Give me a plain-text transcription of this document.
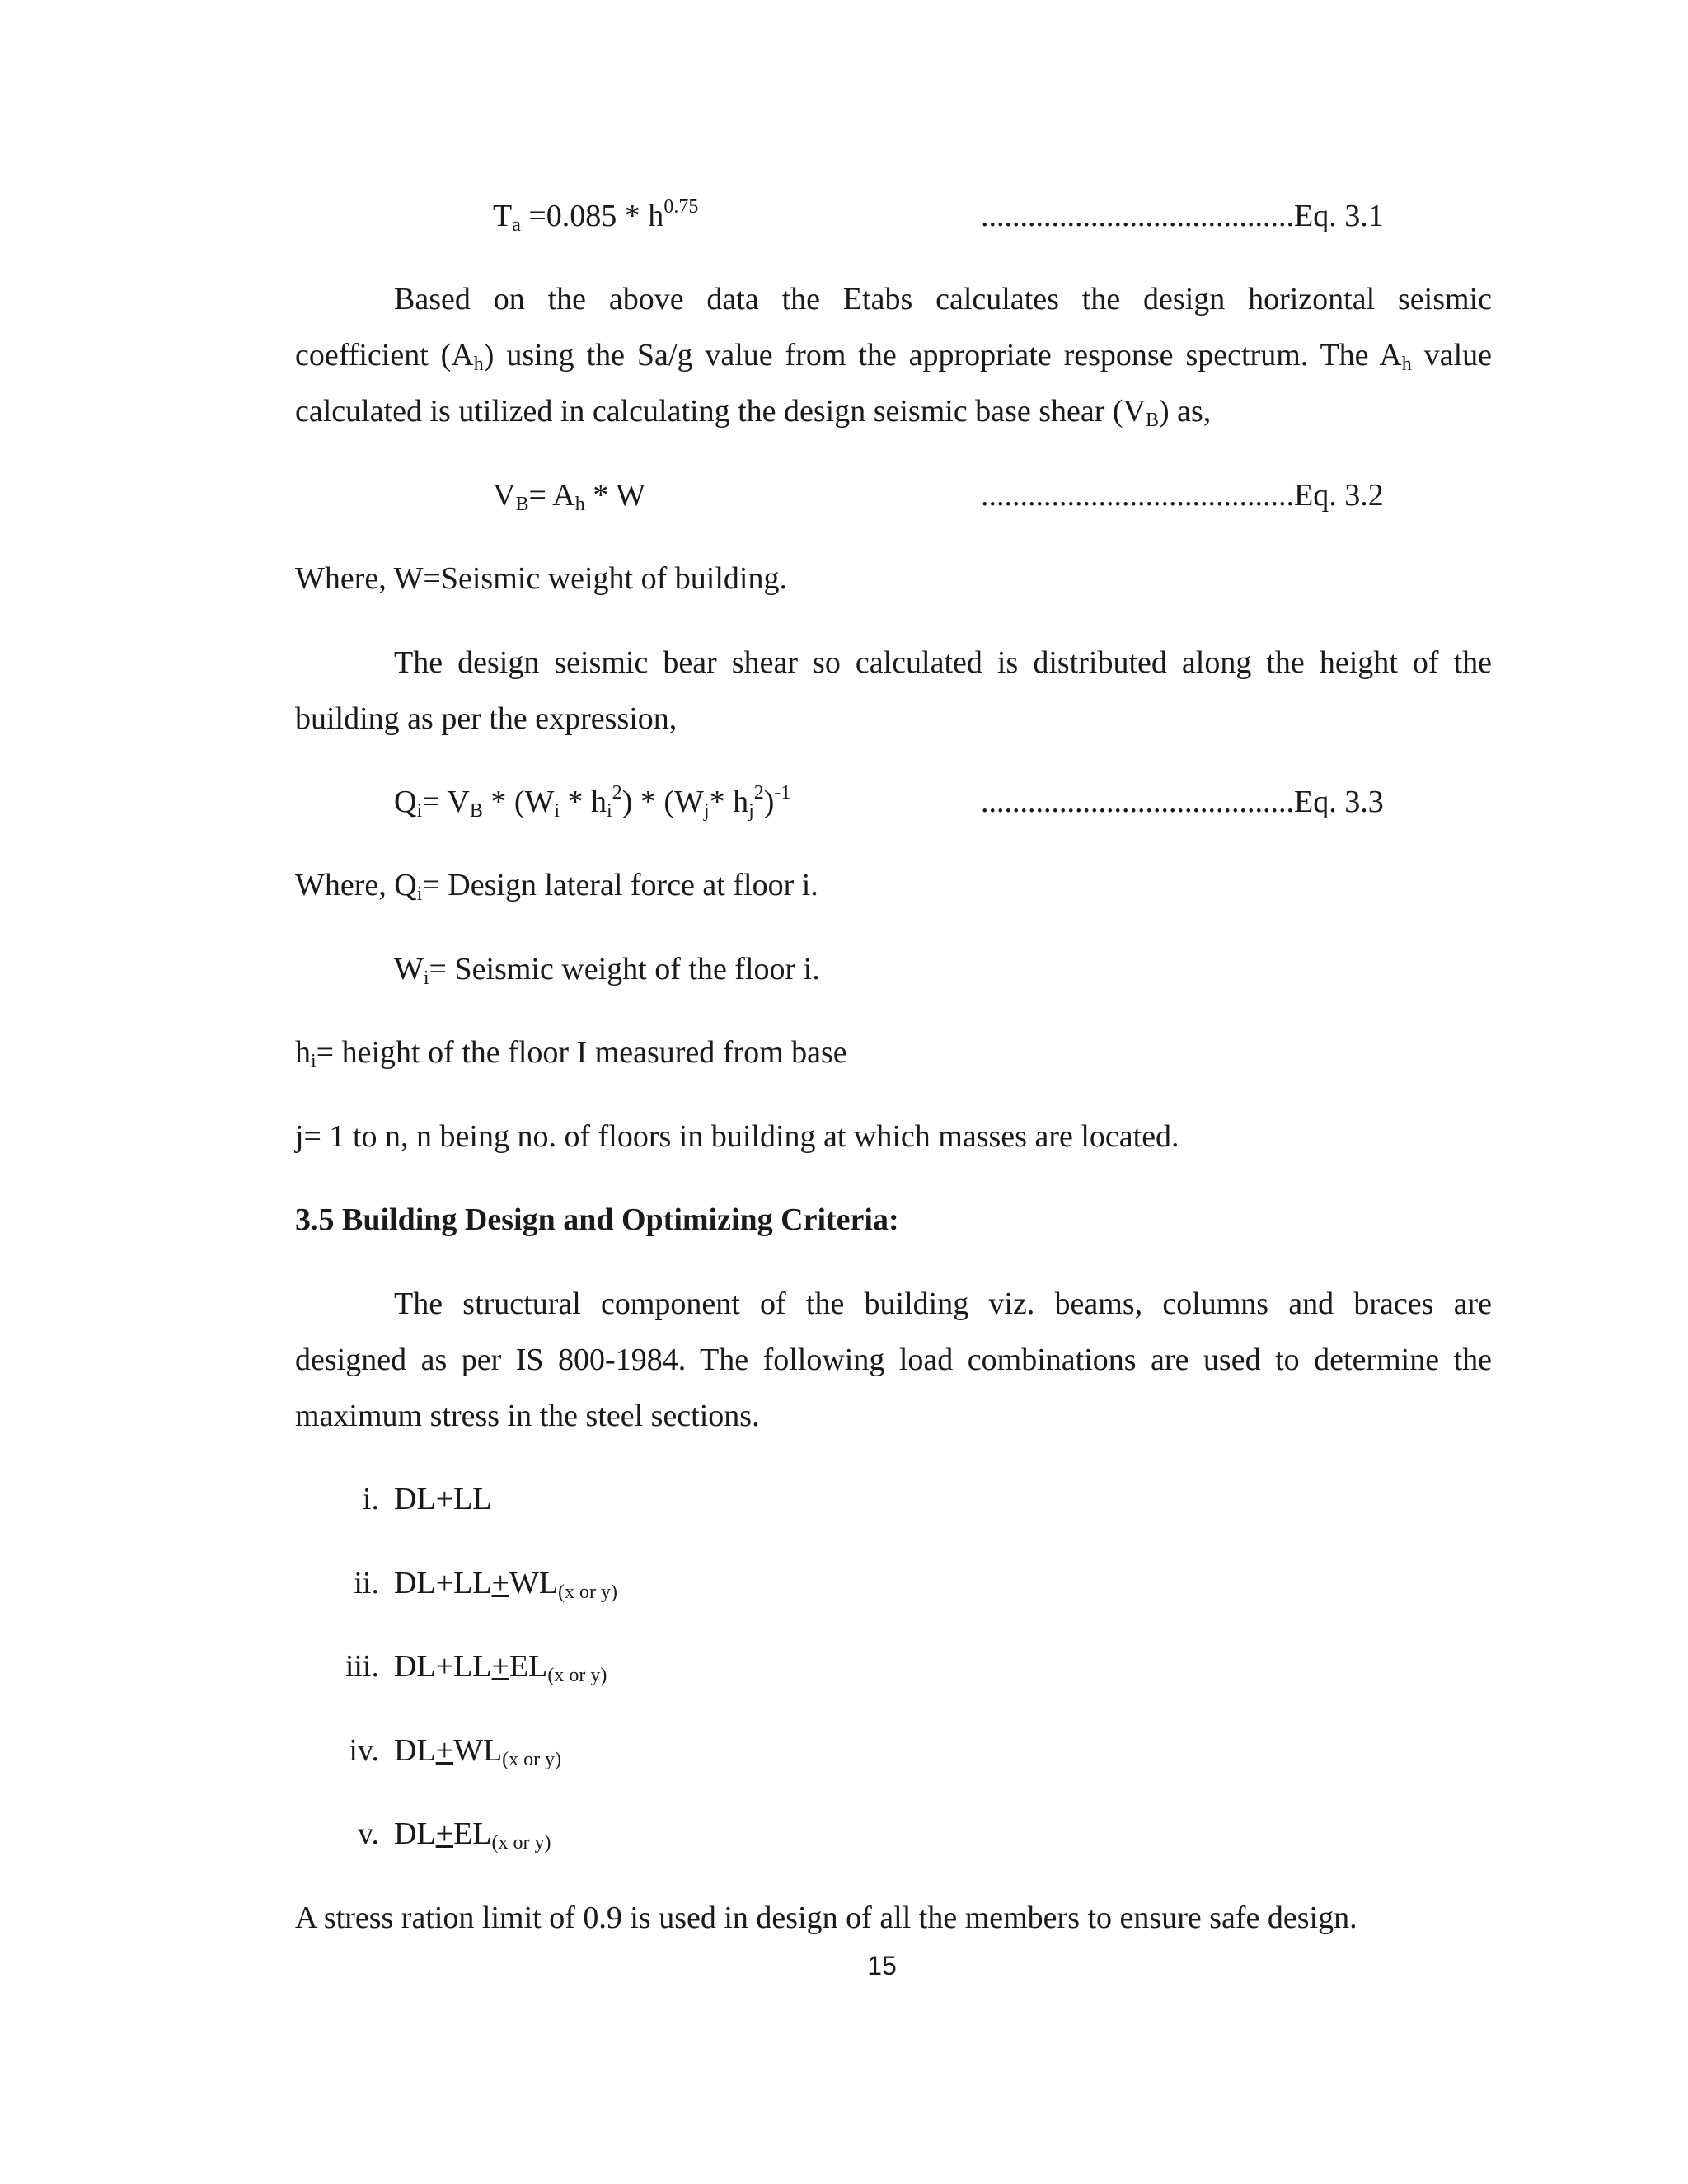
$T_a =0.085 * h^{0.75}$	........................................Eq. 3.1
Based on the above data the Etabs calculates the design horizontal seismic
coefficient $(A_h)$ using the Sa/g value from the appropriate response spectrum. The $A_h$ value
calculated is utilized in calculating the design seismic base shear $(V_B)$ as,
$V_B= A_h * W$	........................................Eq. 3.2
Where, W=Seismic weight of building.
The design seismic bear shear so calculated is distributed along the height of the
building as per the expression,
$Q_i= V_B * (W_i * h_i^2) * (W_j*$ $h_j^2)^{-1}$	........................................Eq. 3.3
Where, $Q_i=$ Design lateral force at floor i.
$W_i=$ Seismic weight of the floor i.
$h_i=$ height of the floor I measured from base
j= 1 to n, n being no. of floors in building at which masses are located.
3.5 Building Design and Optimizing Criteria:
The structural component of the building viz. beams, columns and braces are
designed as per IS 800-1984. The following load combinations are used to determine the
maximum stress in the steel sections.
i. DL+LL
ii. $DL+LL+WL_{(x or y)}$
iii. $DL+LL+EL_{(x or y)}$
iv. $DL+WL_{(x or y)}$
v. $DL+EL_{(x or y)}$
A stress ration limit of 0.9 is used in design of all the members to ensure safe design.
15
